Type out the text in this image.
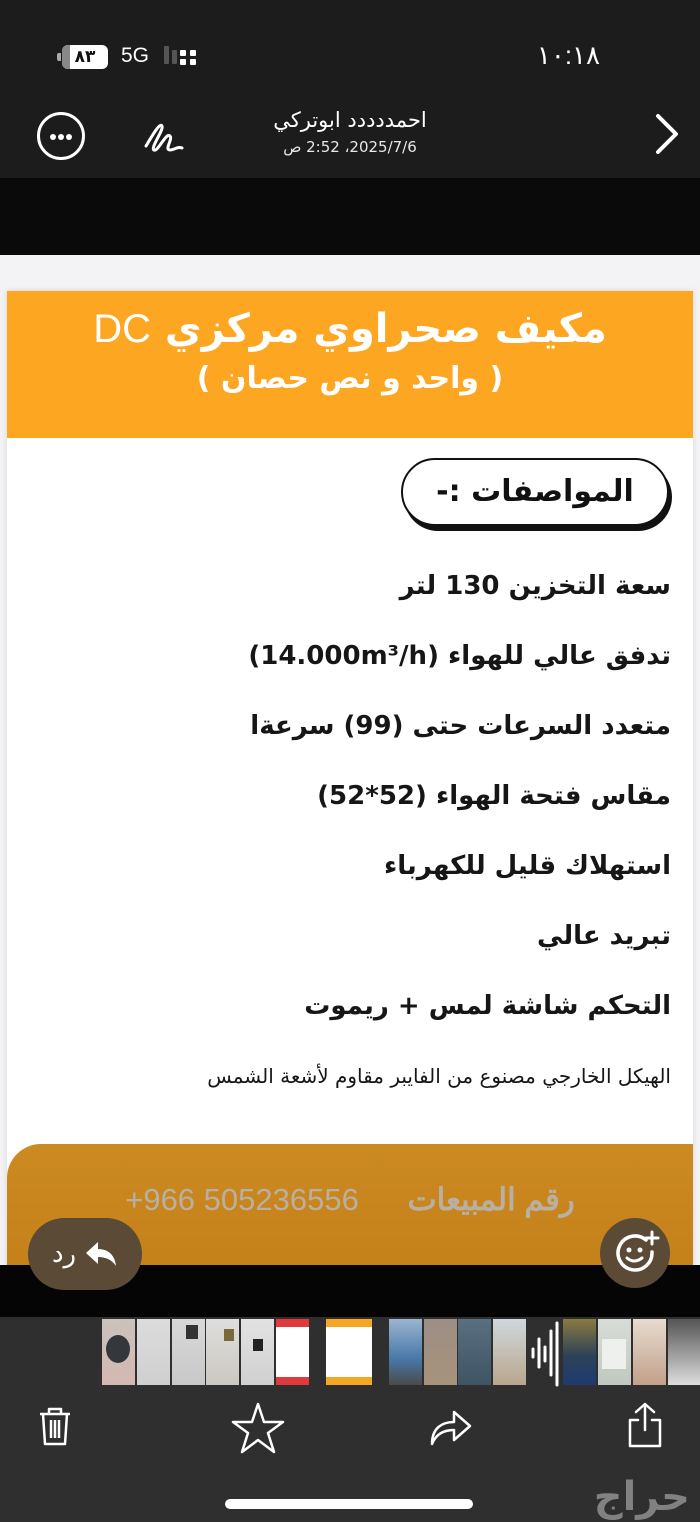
٨٣	5G	١٠:١٨
احمددددد ابوتركي
2025/7/6، 2:52 ص
مكيف صحراوي مركزي DC
( واحد و نص حصان )
المواصفات :-
سعة التخزين 130 لتر
تدفق عالي للهواء (14.000m³/h)
متعدد السرعات حتى (99) سرعةا
مقاس فتحة الهواء (52*52)
استهلاك قليل للكهرباء
تبريد عالي
التحكم شاشة لمس + ريموت
الهيكل الخارجي مصنوع من الفايبر مقاوم لأشعة الشمس
+966 505236556 رقم المبيعات
رد
حراج
